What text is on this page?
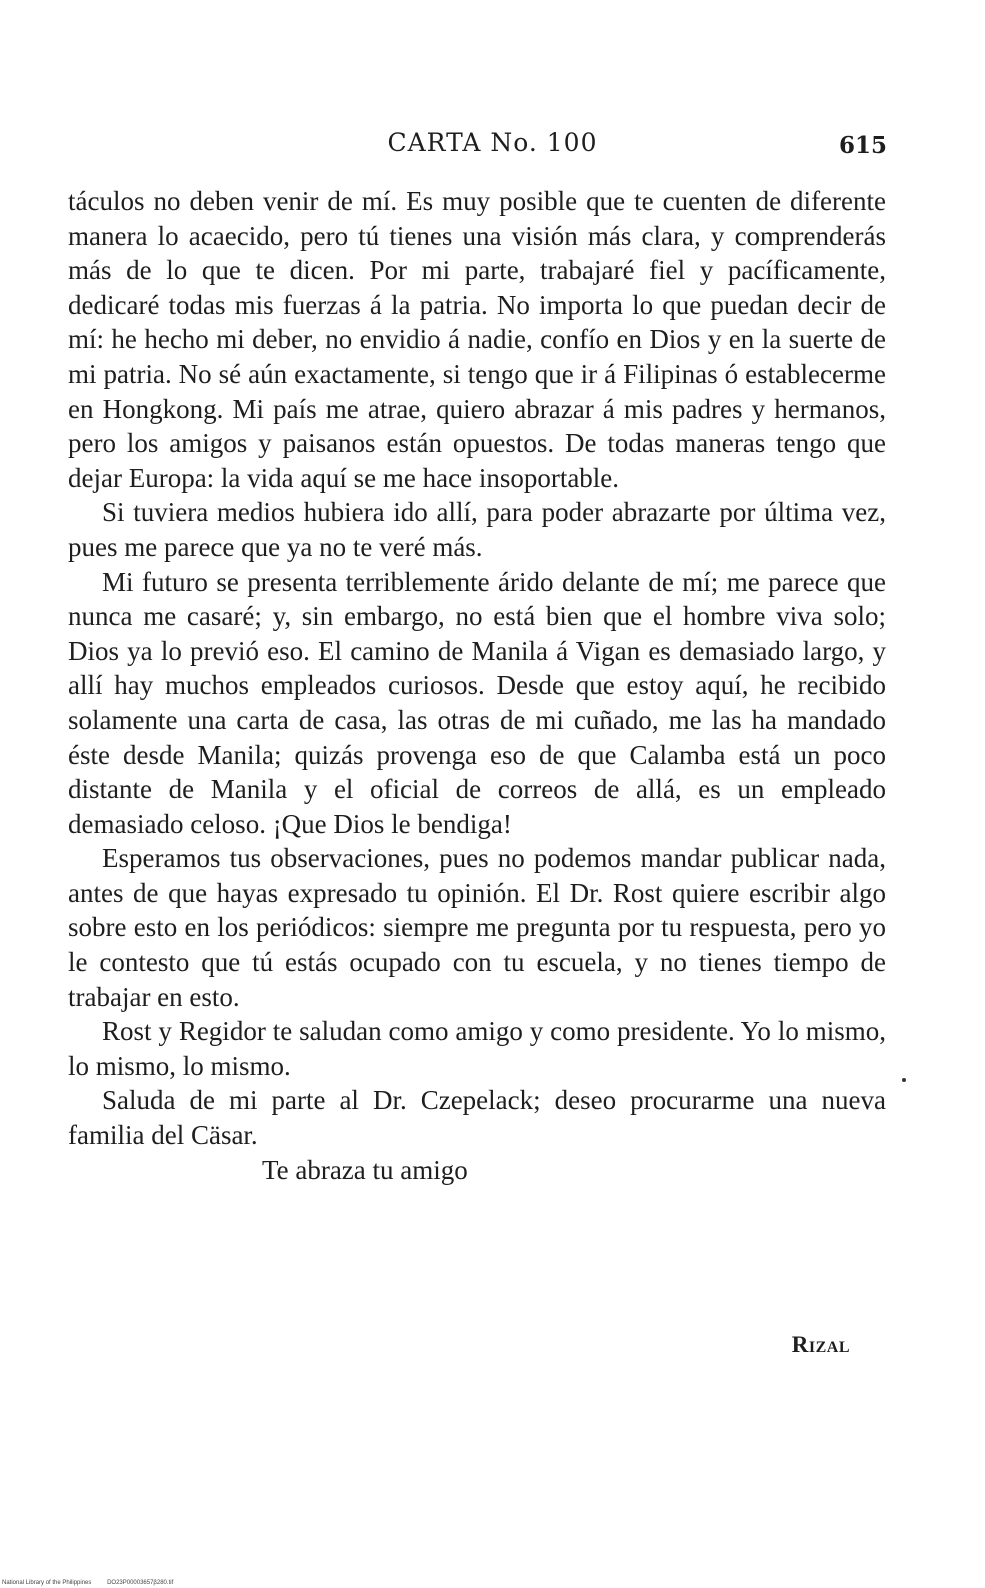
CARTA No. 100	615

táculos no deben venir de mí. Es muy posible que te cuenten de diferente manera lo acaecido, pero tú tienes una visión más clara, y comprenderás más de lo que te dicen. Por mi parte, trabajaré fiel y pacíficamente, dedicaré todas mis fuerzas á la patria. No importa lo que puedan decir de mí: he hecho mi deber, no envidio á nadie, confío en Dios y en la suerte de mi patria. No sé aún exactamente, si tengo que ir á Filipinas ó establecerme en Hongkong. Mi país me atrae, quiero abrazar á mis padres y hermanos, pero los amigos y paisanos están opuestos. De todas maneras tengo que dejar Europa: la vida aquí se me hace insoportable.

Si tuviera medios hubiera ido allí, para poder abrazarte por última vez, pues me parece que ya no te veré más.

Mi futuro se presenta terriblemente árido delante de mí; me parece que nunca me casaré; y, sin embargo, no está bien que el hombre viva solo; Dios ya lo previó eso. El camino de Manila á Vigan es demasiado largo, y allí hay muchos empleados curiosos. Desde que estoy aquí, he recibido solamente una carta de casa, las otras de mi cuñado, me las ha mandado éste desde Manila; quizás provenga eso de que Calamba está un poco distante de Manila y el oficial de correos de allá, es un empleado demasiado celoso. ¡Que Dios le bendiga!

Esperamos tus observaciones, pues no podemos mandar publicar nada, antes de que hayas expresado tu opinión. El Dr. Rost quiere escribir algo sobre esto en los periódicos: siempre me pregunta por tu respuesta, pero yo le contesto que tú estás ocupado con tu escuela, y no tienes tiempo de trabajar en esto.

Rost y Regidor te saludan como amigo y como presidente. Yo lo mismo, lo mismo, lo mismo.

Saluda de mi parte al Dr. Czepelack; deseo procurarme una nueva familia del Cäsar.

Te abraza tu amigo

Rizal
National Library of the Philippines	DO23P00003657β280.tif
